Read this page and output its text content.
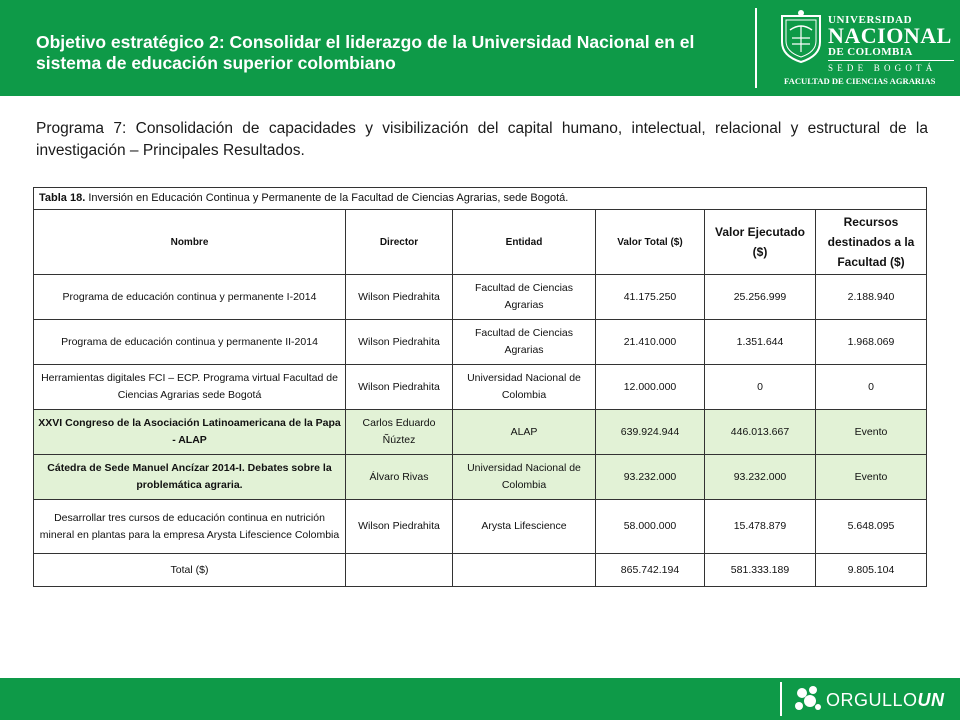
Objetivo estratégico 2: Consolidar el liderazgo de la Universidad Nacional en el sistema de educación superior colombiano
UNIVERSIDAD
NACIONAL
DE COLOMBIA
SEDE BOGOTÁ
FACULTAD DE CIENCIAS AGRARIAS
Programa 7: Consolidación de capacidades y visibilización del capital humano, intelectual, relacional y estructural de la investigación – Principales Resultados.
Tabla 18. Inversión en Educación Continua y Permanente de la Facultad de Ciencias Agrarias, sede Bogotá.					
Nombre	Director	Entidad	Valor Total ($)	Valor Ejecutado ($)	Recursos destinados a la Facultad ($)
Programa de educación continua y permanente I-2014	Wilson Piedrahita	Facultad de Ciencias Agrarias	41.175.250	25.256.999	2.188.940
Programa de educación continua y permanente II-2014	Wilson Piedrahita	Facultad de Ciencias Agrarias	21.410.000	1.351.644	1.968.069
Herramientas digitales FCI – ECP. Programa virtual Facultad de Ciencias Agrarias sede Bogotá	Wilson Piedrahita	Universidad Nacional de Colombia	12.000.000	0	0
XXVI Congreso de la Asociación Latinoamericana de la Papa - ALAP	Carlos Eduardo Ñúztez	ALAP	639.924.944	446.013.667	Evento
Cátedra de Sede Manuel Ancízar 2014-I. Debates sobre la problemática agraria.	Álvaro Rivas	Universidad Nacional de Colombia	93.232.000	93.232.000	Evento
Desarrollar tres cursos de educación continua en nutrición mineral en plantas para la empresa Arysta Lifescience Colombia	Wilson Piedrahita	Arysta Lifescience	58.000.000	15.478.879	5.648.095
Total ($)			865.742.194	581.333.189	9.805.104
ORGULLOUN
